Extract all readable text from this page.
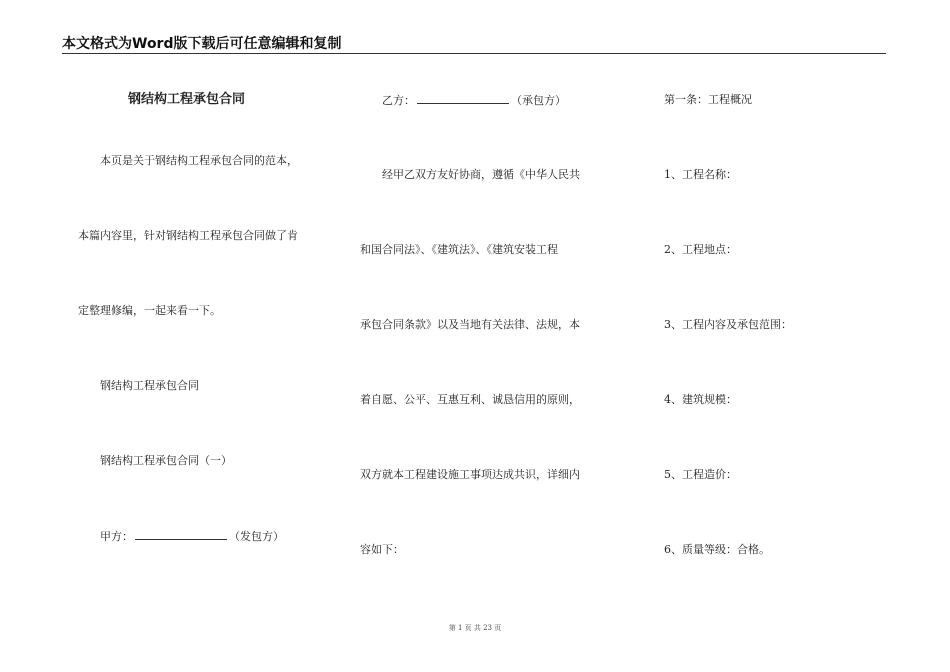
本文格式为Word版下载后可任意编辑和复制
钢结构工程承包合同
本页是关于钢结构工程承包合同的范本，
本篇内容里，针对钢结构工程承包合同做了肯
定整理修编，一起来看一下。
钢结构工程承包合同
钢结构工程承包合同（一）
甲方：	（发包方）
乙方：	（承包方）
经甲乙双方友好协商，遵循《中华人民共
和国合同法》、《建筑法》、《建筑安装工程
承包合同条款》以及当地有关法律、法规，本
着自愿、公平、互惠互利、诚恳信用的原则，
双方就本工程建设施工事项达成共识，详细内
容如下：
第一条：工程概况
1、工程名称：
2、工程地点：
3、工程内容及承包范围：
4、建筑规模：
5、工程造价：
6、质量等级：合格。
第 1 页 共 23 页
